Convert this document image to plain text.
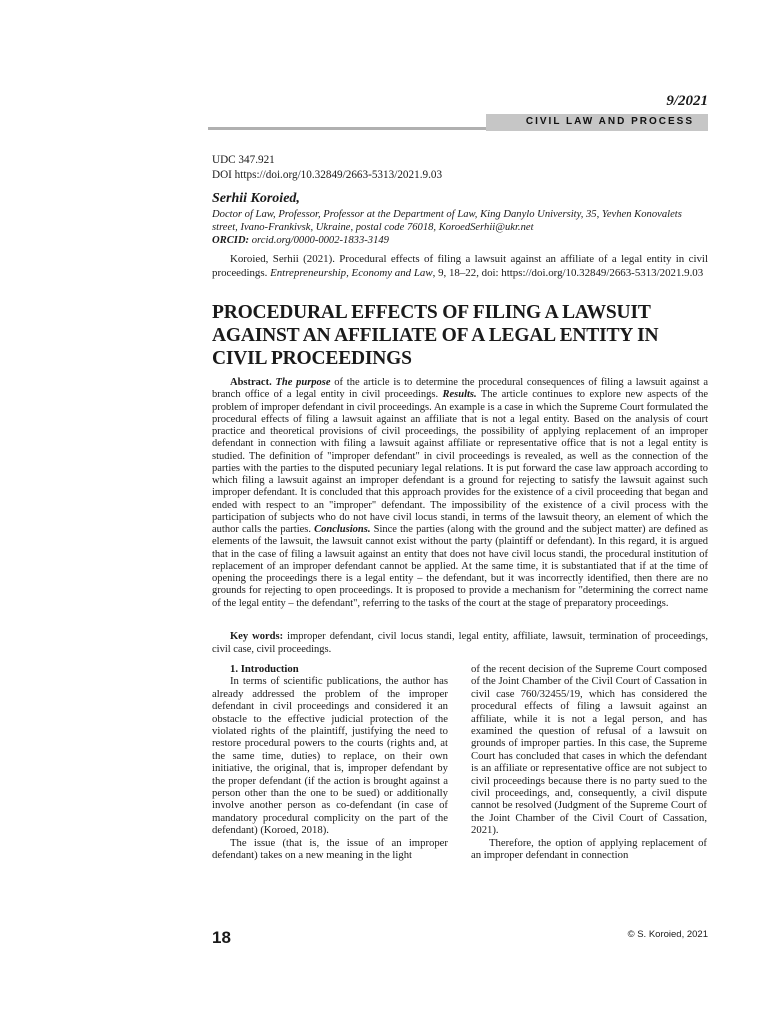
9/2021
CIVIL LAW AND PROCESS
UDC 347.921
DOI https://doi.org/10.32849/2663-5313/2021.9.03
Serhii Koroied,
Doctor of Law, Professor, Professor at the Department of Law, King Danylo University, 35, Yevhen Konovalets street, Ivano-Frankivsk, Ukraine, postal code 76018, KoroedSerhii@ukr.net
ORCID: orcid.org/0000-0002-1833-3149
Koroied, Serhii (2021). Procedural effects of filing a lawsuit against an affiliate of a legal entity in civil proceedings. Entrepreneurship, Economy and Law, 9, 18–22, doi: https://doi.org/10.32849/2663-5313/2021.9.03
PROCEDURAL EFFECTS OF FILING A LAWSUIT AGAINST AN AFFILIATE OF A LEGAL ENTITY IN CIVIL PROCEEDINGS
Abstract. The purpose of the article is to determine the procedural consequences of filing a lawsuit against a branch office of a legal entity in civil proceedings. Results. The article continues to explore new aspects of the problem of improper defendant in civil proceedings. An example is a case in which the Supreme Court formulated the procedural effects of filing a lawsuit against an affiliate that is not a legal entity. Based on the analysis of court practice and theoretical provisions of civil proceedings, the possibility of applying replacement of an improper defendant in connection with filing a lawsuit against affiliate or representative office that is not a legal entity is studied. The definition of "improper defendant" in civil proceedings is revealed, as well as the connection of the parties with the parties to the disputed pecuniary legal relations. It is put forward the case law approach according to which filing a lawsuit against an improper defendant is a ground for rejecting to satisfy the lawsuit against such improper defendant. It is concluded that this approach provides for the existence of a civil proceeding that began and ended with respect to an "improper" defendant. The impossibility of the existence of a civil process with the participation of subjects who do not have civil locus standi, in terms of the lawsuit theory, an element of which the author calls the parties. Conclusions. Since the parties (along with the ground and the subject matter) are defined as elements of the lawsuit, the lawsuit cannot exist without the party (plaintiff or defendant). In this regard, it is argued that in the case of filing a lawsuit against an entity that does not have civil locus standi, the procedural institution of replacement of an improper defendant cannot be applied. At the same time, it is substantiated that if at the time of opening the proceedings there is a legal entity – the defendant, but it was incorrectly identified, then there are no grounds for rejecting to open proceedings. It is proposed to provide a mechanism for "determining the correct name of the legal entity – the defendant", referring to the tasks of the court at the stage of preparatory proceedings.
Key words: improper defendant, civil locus standi, legal entity, affiliate, lawsuit, termination of proceedings, civil case, civil proceedings.
1. Introduction

In terms of scientific publications, the author has already addressed the problem of the improper defendant in civil proceedings and considered it an obstacle to the effective judicial protection of the violated rights of the plaintiff, justifying the need to restore procedural powers to the courts (rights and, at the same time, duties) to replace, on their own initiative, the original, that is, improper defendant by the proper defendant (if the action is brought against a person other than the one to be sued) or additionally involve another person as co-defendant (in case of mandatory procedural complicity on the part of the defendant) (Koroed, 2018).

The issue (that is, the issue of an improper defendant) takes on a new meaning in the light

of the recent decision of the Supreme Court composed of the Joint Chamber of the Civil Court of Cassation in civil case 760/32455/19, which has considered the procedural effects of filing a lawsuit against an affiliate, while it is not a legal person, and has examined the question of refusal of a lawsuit on grounds of improper parties. In this case, the Supreme Court has concluded that cases in which the defendant is an affiliate or representative office are not subject to civil proceedings because there is no party sued to the civil proceedings, and, consequently, a civil dispute cannot be resolved (Judgment of the Supreme Court of the Joint Chamber of the Civil Court of Cassation, 2021).

Therefore, the option of applying replacement of an improper defendant in connection

18	© S. Koroied, 2021
